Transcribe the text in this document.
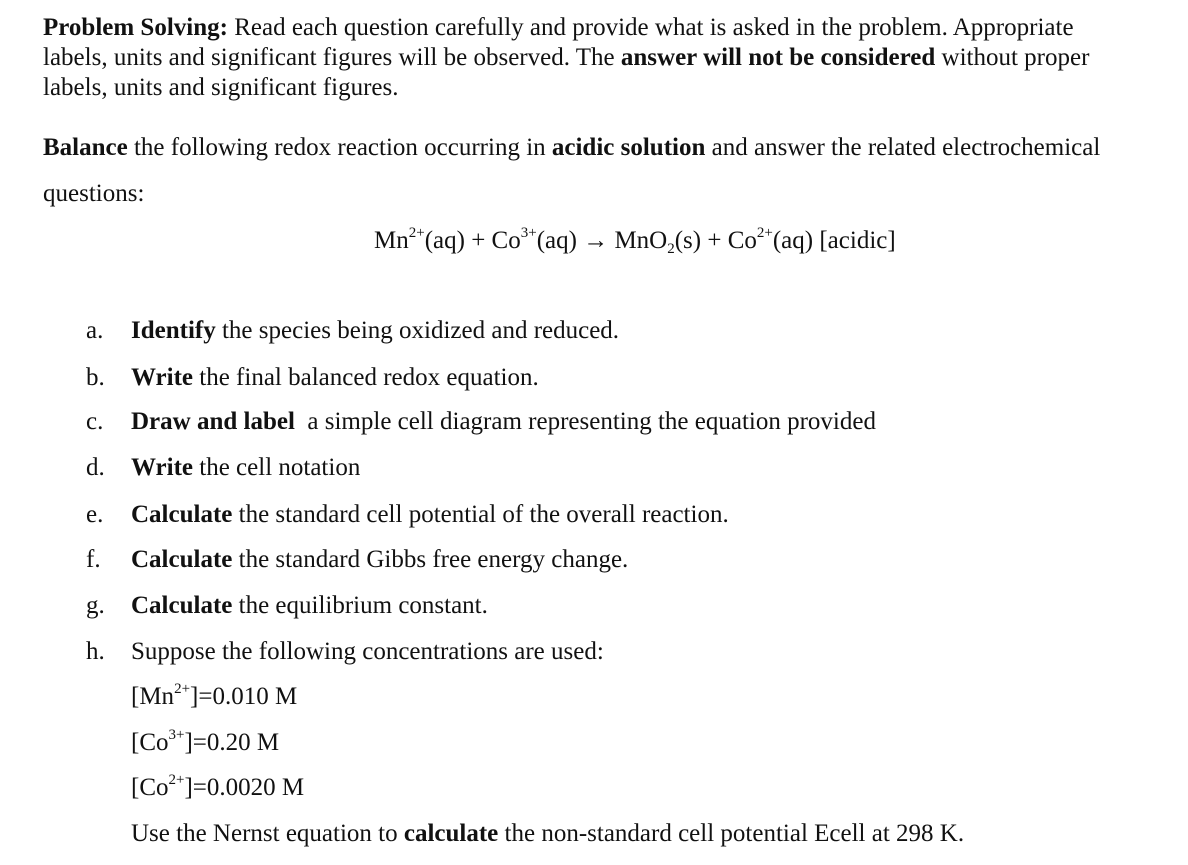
Problem Solving: Read each question carefully and provide what is asked in the problem. Appropriate
labels, units and significant figures will be observed. The answer will not be considered without proper
labels, units and significant figures.
Balance the following redox reaction occurring in acidic solution and answer the related electrochemical
questions:
$Mn^{2+}(aq) + Co^{3+}(aq) \to MnO_2(s) + Co^{2+}(aq)$ [acidic]
a.	Identify the species being oxidized and reduced.
b.	Write the final balanced redox equation.
c.	Draw and label  a simple cell diagram representing the equation provided
d.	Write the cell notation
e.	Calculate the standard cell potential of the overall reaction.
f.	Calculate the standard Gibbs free energy change.
g.	Calculate the equilibrium constant.
h.	Suppose the following concentrations are used:
$[Mn^{2+}]=0.010$ M
$[Co^{3+}]=0.20$ M
$[Co^{2+}]=0.0020$ M
Use the Nernst equation to calculate the non-standard cell potential Ecell at 298 K.
